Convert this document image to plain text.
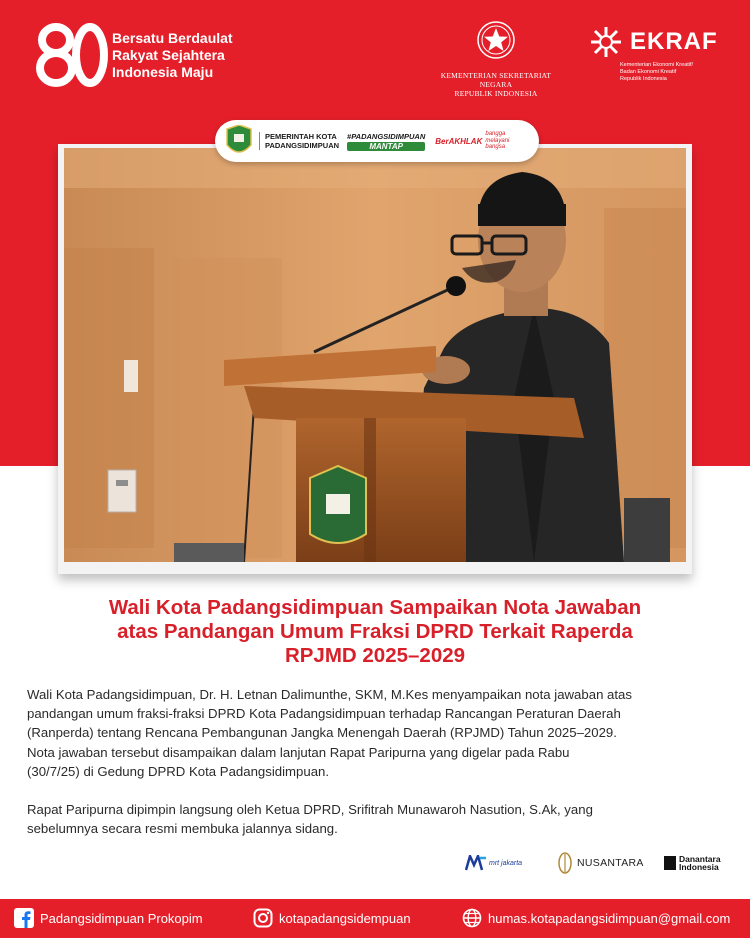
Bersatu Berdaulat
Rakyat Sejahtera
Indonesia Maju	KEMENTERIAN SEKRETARIAT NEGARA
REPUBLIK INDONESIA
EKRAF
Kementerian Ekonomi Kreatif/
Badan Ekonomi Kreatif
Republik Indonesia
PEMERINTAH KOTA
PADANGSIDIMPUAN
#PADANGSIDIMPUAN
MANTAP
BerAKHLAK
bangga
melayani
bangsa
Wali Kota Padangsidimpuan Sampaikan Nota Jawaban
atas Pandangan Umum Fraksi DPRD Terkait Raperda
RPJMD 2025–2029
Wali Kota Padangsidimpuan, Dr. H. Letnan Dalimunthe, SKM, M.Kes menyampaikan nota jawaban atas
pandangan umum fraksi-fraksi DPRD Kota Padangsidimpuan terhadap Rancangan Peraturan Daerah
(Ranperda) tentang Rencana Pembangunan Jangka Menengah Daerah (RPJMD) Tahun 2025–2029.
Nota jawaban tersebut disampaikan dalam lanjutan Rapat Paripurna yang digelar pada Rabu
(30/7/25) di Gedung DPRD Kota Padangsidimpuan.
Rapat Paripurna dipimpin langsung oleh Ketua DPRD, Srifitrah Munawaroh Nasution, S.Ak, yang
sebelumnya secara resmi membuka jalannya sidang.
mrt jakarta	NUSANTARA	Danantara
Indonesia
Padangsidimpuan Prokopim	kotapadangsidempuan	humas.kotapadangsidimpuan@gmail.com
